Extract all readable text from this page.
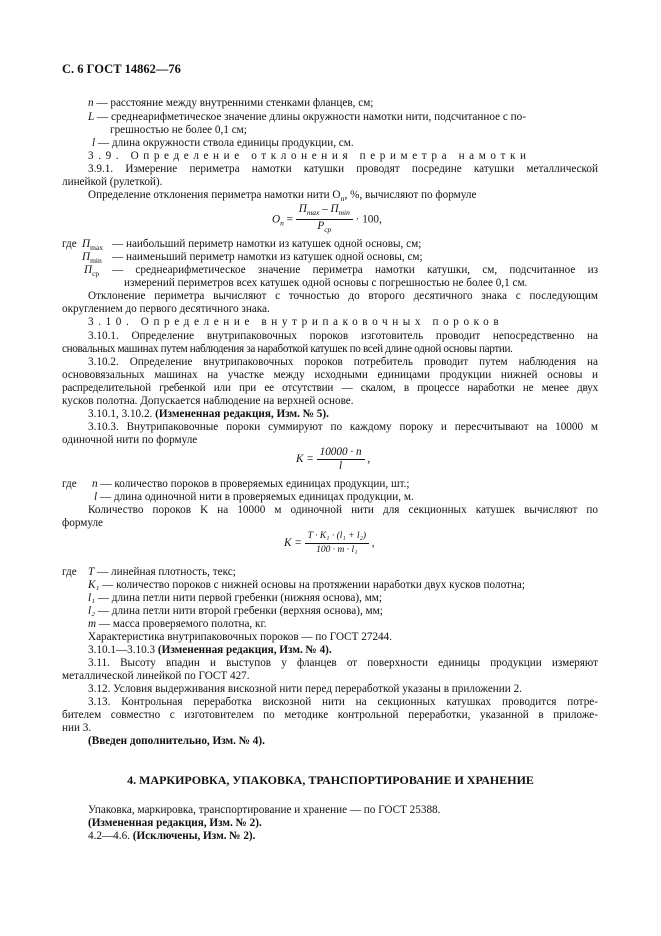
С. 6 ГОСТ 14862—76
n — расстояние между внутренними стенками фланцев, см;
L — среднеарифметическое значение длины окружности намотки нити, подсчитанное с по-
грешностью не более 0,1 см;
l — длина окружности ствола единицы продукции, см.
3.9. Определение отклонения периметра намотки
3.9.1. Измерение периметра намотки катушки проводят посредине катушки металлической
линейкой (рулеткой).
Определение отклонения периметра намотки нити $О_п$, %, вычисляют по формуле
$О_п = \frac{П_{max} - П_{min}}{P_{ср}} \cdot 100$,
где $П_{max}$ — наибольший периметр намотки из катушек одной основы, см;
$П_{min}$ — наименьший периметр намотки из катушек одной основы, см;
$П_{ср}$ — среднеарифметическое значение периметра намотки катушки, см, подсчитанное из
измерений периметров всех катушек одной основы с погрешностью не более 0,1 см.
Отклонение периметра вычисляют с точностью до второго десятичного знака с последующим
округлением до первого десятичного знака.
3.10. Определение внутрипаковочных пороков
3.10.1. Определение внутрипаковочных пороков изготовитель проводит непосредственно на
сновальных машинах путем наблюдения за наработкой катушек по всей длине одной основы партии.
3.10.2. Определение внутрипаковочных пороков потребитель проводит путем наблюдения на
основовязальных машинах на участке между исходными единицами продукции нижней основы и
распределительной гребенкой или при ее отсутствии — скалом, в процессе наработки не менее двух
кусков полотна. Допускается наблюдение на верхней основе.
3.10.1, 3.10.2. (Измененная редакция, Изм. № 5).
3.10.3. Внутрипаковочные пороки суммируют по каждому пороку и пересчитывают на 10000 м
одиночной нити по формуле
$K = \frac{10000 \cdot n}{l}$ ,
где n — количество пороков в проверяемых единицах продукции, шт.;
l — длина одиночной нити в проверяемых единицах продукции, м.
Количество пороков K на 10000 м одиночной нити для секционных катушек вычисляют по
формуле
$K = \frac{\text{T · K₁ · (l₁ + l₂)}}{\text{100 · m · l₁}}$ ,
где T — линейная плотность, текс;
K₁ — количество пороков с нижней основы на протяжении наработки двух кусков полотна;
l₁ — длина петли нити первой гребенки (нижняя основа), мм;
l₂ — длина петли нити второй гребенки (верхняя основа), мм;
m — масса проверяемого полотна, кг.
Характеристика внутрипаковочных пороков — по ГОСТ 27244.
3.10.1—3.10.3 (Измененная редакция, Изм. № 4).
3.11. Высоту впадин и выступов у фланцев от поверхности единицы продукции измеряют
металлической линейкой по ГОСТ 427.
3.12. Условия выдерживания вискозной нити перед переработкой указаны в приложении 2.
3.13. Контрольная переработка вискозной нити на секционных катушках проводится потре-
бителем совместно с изготовителем по методике контрольной переработки, указанной в приложе-
нии 3.
(Введен дополнительно, Изм. № 4).
4. МАРКИРОВКА, УПАКОВКА, ТРАНСПОРТИРОВАНИЕ И ХРАНЕНИЕ
Упаковка, маркировка, транспортирование и хранение — по ГОСТ 25388.
(Измененная редакция, Изм. № 2).
4.2—4.6. (Исключены, Изм. № 2).
